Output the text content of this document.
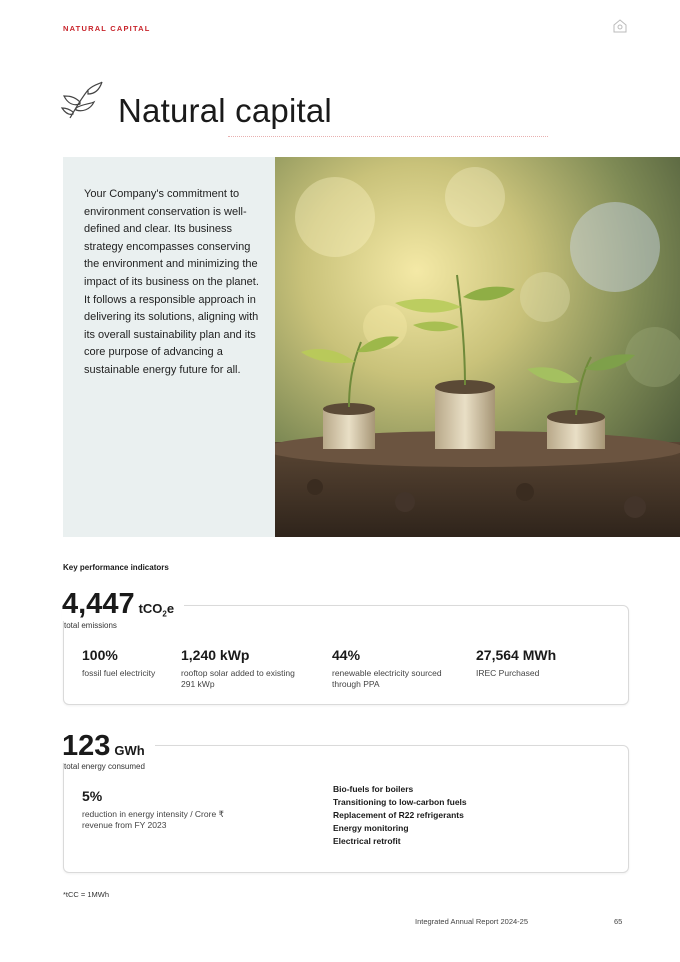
NATURAL CAPITAL
Natural capital
Your Company's commitment to environment conservation is well-defined and clear. Its business strategy encompasses conserving the environment and minimizing the impact of its business on the planet. It follows a responsible approach in delivering its solutions, aligning with its overall sustainability plan and its core purpose of advancing a sustainable energy future for all.
Key performance indicators
4,447 tCO$_2$e
total emissions
100%
fossil fuel electricity
1,240 kWp
rooftop solar added to existing 291 kWp
44%
renewable electricity sourced through PPA
27,564 MWh
IREC Purchased
123 GWh
total energy consumed
5%
reduction in energy intensity / Crore ₹ revenue from FY 2023
Bio-fuels for boilers
Transitioning to low-carbon fuels
Replacement of R22 refrigerants
Energy monitoring
Electrical retrofit
*tCC = 1MWh
Integrated Annual Report 2024-25	65
